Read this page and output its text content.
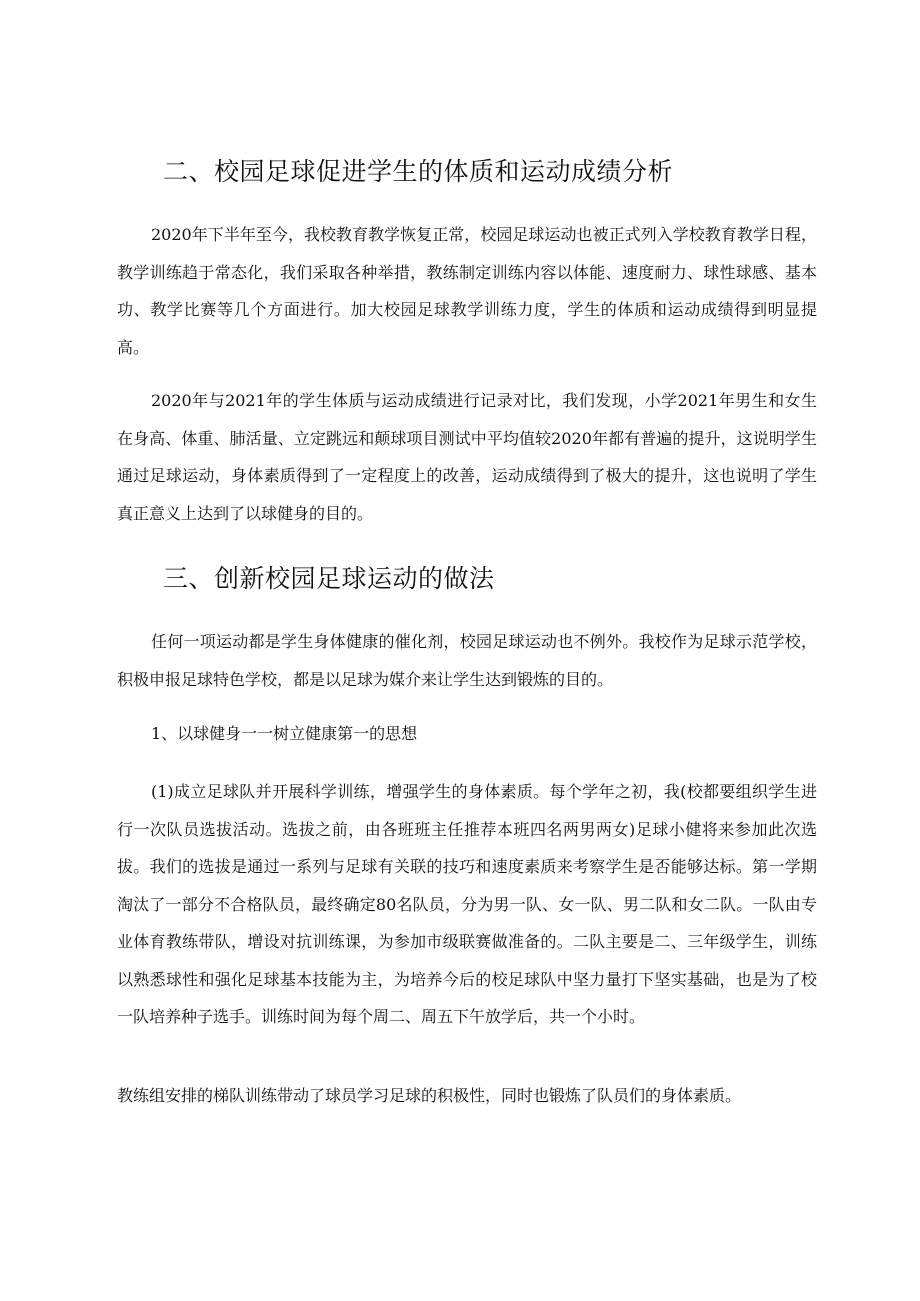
二、校园足球促进学生的体质和运动成绩分析

2020年下半年至今，我校教育教学恢复正常，校园足球运动也被正式列入学校教育教学日程，教学训练趋于常态化，我们采取各种举措，教练制定训练内容以体能、速度耐力、球性球感、基本功、教学比赛等几个方面进行。加大校园足球教学训练力度，学生的体质和运动成绩得到明显提高。

2020年与2021年的学生体质与运动成绩进行记录对比，我们发现，小学2021年男生和女生在身高、体重、肺活量、立定跳远和颠球项目测试中平均值较2020年都有普遍的提升，这说明学生通过足球运动，身体素质得到了一定程度上的改善，运动成绩得到了极大的提升，这也说明了学生真正意义上达到了以球健身的目的。

三、创新校园足球运动的做法

任何一项运动都是学生身体健康的催化剂，校园足球运动也不例外。我校作为足球示范学校，积极申报足球特色学校，都是以足球为媒介来让学生达到锻炼的目的。

1、以球健身一一树立健康第一的思想

(1)成立足球队并开展科学训练，增强学生的身体素质。每个学年之初，我(校都要组织学生进行一次队员选拔活动。选拔之前，由各班班主任推荐本班四名两男两女)足球小健将来参加此次选拔。我们的选拔是通过一系列与足球有关联的技巧和速度素质来考察学生是否能够达标。第一学期淘汰了一部分不合格队员，最终确定80名队员，分为男一队、女一队、男二队和女二队。一队由专业体育教练带队，增设对抗训练课，为参加市级联赛做准备的。二队主要是二、三年级学生，训练以熟悉球性和强化足球基本技能为主，为培养今后的校足球队中坚力量打下坚实基础，也是为了校一队培养种子选手。训练时间为每个周二、周五下午放学后，共一个小时。

教练组安排的梯队训练带动了球员学习足球的积极性，同时也锻炼了队员们的身体素质。
